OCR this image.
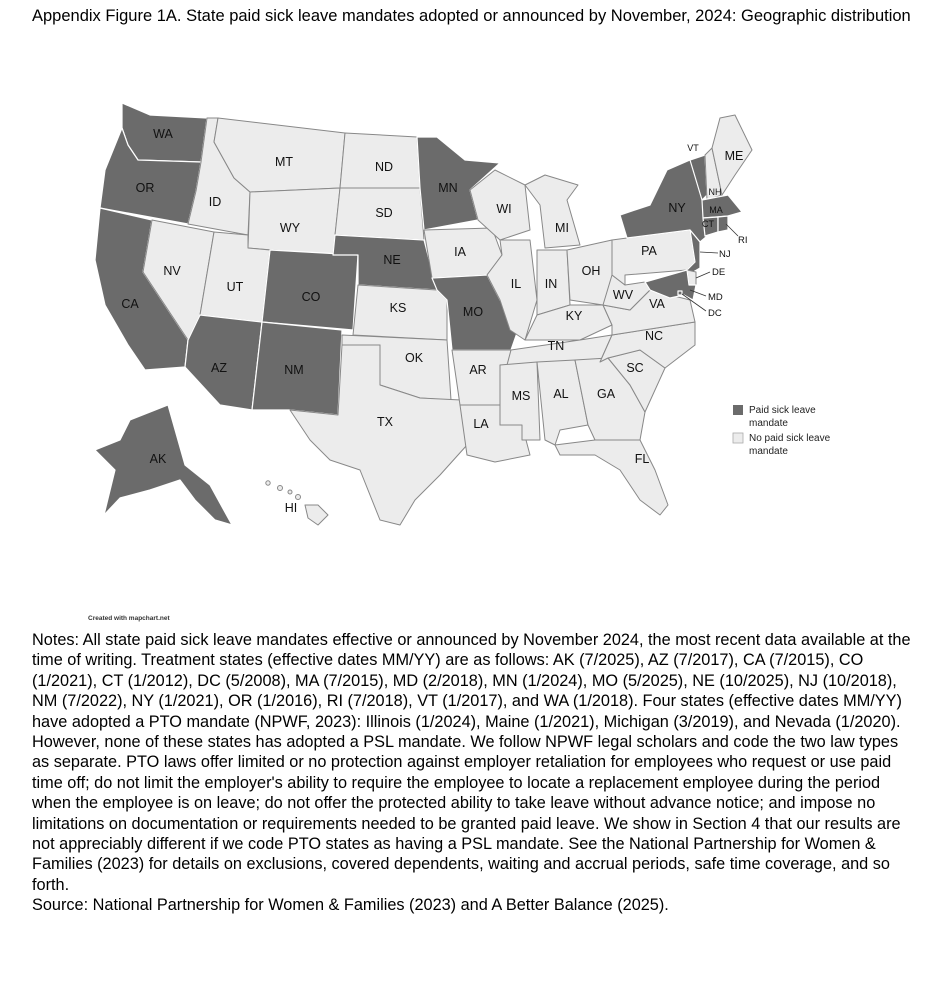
Appendix Figure 1A. State paid sick leave mandates adopted or announced by November, 2024: Geographic distribution
WA
OR
CA
ID
NV
MT
WY
UT
AZ
CO
NM
ND
SD
NE
KS
OK
TX
MN
IA
MO
AR
LA
WI
IL
MI
IN
OH
KY
TN
MS AL GA
FL
SC
NC
VA
WV
PA
NY
ME
VT
NH
MA
CT
AK
HI
RI
NJ
DE
MD
DC
Paid sick leave mandate
No paid sick leave mandate
Created with mapchart.net

Notes: All state paid sick leave mandates effective or announced by November 2024, the most recent data available at the time of writing. Treatment states (effective dates MM/YY) are as follows: AK (7/2025), AZ (7/2017), CA (7/2015), CO (1/2021), CT (1/2012), DC (5/2008), MA (7/2015), MD (2/2018), MN (1/2024), MO (5/2025), NE (10/2025), NJ (10/2018), NM (7/2022), NY (1/2021), OR (1/2016), RI (7/2018), VT (1/2017), and WA (1/2018). Four states (effective dates MM/YY) have adopted a PTO mandate (NPWF, 2023): Illinois (1/2024), Maine (1/2021), Michigan (3/2019), and Nevada (1/2020). However, none of these states has adopted a PSL mandate. We follow NPWF legal scholars and code the two law types as separate. PTO laws offer limited or no protection against employer retaliation for employees who request or use paid time off; do not limit the employer's ability to require the employee to locate a replacement employee during the period when the employee is on leave; do not offer the protected ability to take leave without advance notice; and impose no limitations on documentation or requirements needed to be granted paid leave. We show in Section 4 that our results are not appreciably different if we code PTO states as having a PSL mandate. See the National Partnership for Women & Families (2023) for details on exclusions, covered dependents, waiting and accrual periods, safe time coverage, and so forth.

Source: National Partnership for Women & Families (2023) and A Better Balance (2025).
